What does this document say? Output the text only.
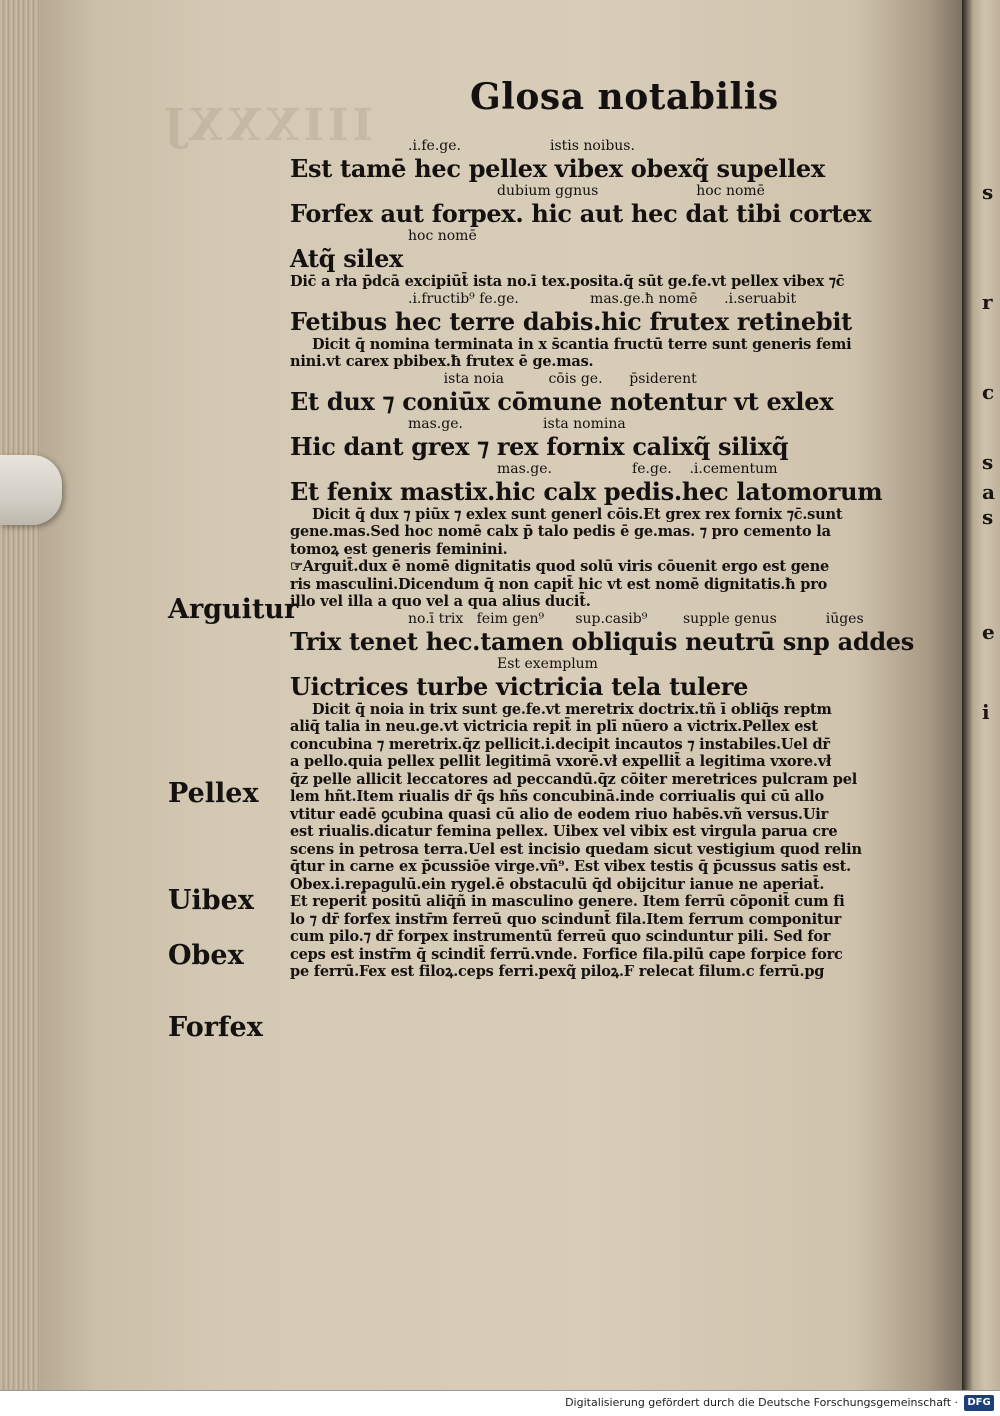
IIIXXXJ
s
r
c
s
a
s
e
i
Glosa notabilis
.i.fe.ge.                    istis noibus.
Est tamē hec pellex vibex obexq̃ supellex
dubium ggnus                      hoc nomē
Forfex aut forpex. hic aut hec dat tibi cortex
hoc nomē
Atq̃ silex
Dic̄ a rła p̄dcā excipiūt̄ ista no.ī tex.posita.q̄ sūt ge.fe.vt pellex vibex ⁊c̄
.i.fructib⁹ fe.ge.                mas.ge.ħ nomē      .i.seruabit
Fetibus hec terre dabis.hic frutex retinebit
Dicit q̄ nomina terminata in x s̄cantia fructū terre sunt generis femi
nini.vt carex pbibex.ħ frutex ē ge.mas.
ista noia          cōis ge.      p̄siderent
Et dux ⁊ coniūx cōmune notentur vt exlex
mas.ge.                  ista nomina
Hic dant grex ⁊ rex fornix calixq̃ silixq̃
mas.ge.                  fe.ge.    .i.cementum
Et fenix mastix.hic calx pedis.hec latomorum
Dicit q̄ dux ⁊ piūx ⁊ exlex sunt generl cōis.Et grex rex fornix ⁊c̄.sunt
gene.mas.Sed hoc nomē calx p̄ talo pedis ē ge.mas. ⁊ pro cemento la
tomoꝝ est generis feminini.
☞Arguit̄.dux ē nomē dignitatis quod solū viris cōuenit ergo est gene
ris masculini.Dicendum q̄ non capit̄ hic vt est nomē dignitatis.ħ pro
illo vel illa a quo vel a qua alius ducit̄.
no.ī trix   feim gen⁹       sup.casib⁹        supple genus           iūges
Trix tenet hec.tamen obliquis neutrū snp addes
Est exemplum
Uictrices turbe victricia tela tulere
Dicit q̄ noia in trix sunt ge.fe.vt meretrix doctrix.tñ ī obliq̄s reptm
aliq̄ talia in neu.ge.vt victricia repit̄ in plī nūero a victrix.Pellex est
concubina ⁊ meretrix.q̄z pellicit.i.decipit incautos ⁊ instabiles.Uel dr̄
a pello.quia pellex pellit legitimā vxorē.vł expellit̄ a legitima vxore.vł
q̄z pelle allicit leccatores ad peccandū.q̄z cōiter meretrices pulcram pel
lem hñt.Item riualis dr̄ q̄s hñs concubinā.inde corriualis qui cū allo
vtitur eadē ꝯcubina quasi cū alio de eodem riuo habēs.vñ versus.Uir
est riualis.dicatur femina pellex. Uibex vel vibix est virgula parua cre
scens in petrosa terra.Uel est incisio quedam sicut vestigium quod relin
q̄tur in carne ex p̄cussiōe virge.vñ⁹. Est vibex testis q̄ p̄cussus satis est.
Obex.i.repagulū.ein rygel.ē obstaculū q̄d obijcitur ianue ne aperiat̄.
Et reperit̄ positū aliq̄ñ in masculino genere. Item ferrū cōponit̄ cum fi
lo ⁊ dr̄ forfex instr̄m ferreū quo scindunt̄ fila.Item ferrum componitur
cum pilo.⁊ dr̄ forpex instrumentū ferreū quo scinduntur pili. Sed for
ceps est instr̄m q̄ scindit̄ ferrū.vnde. Forfice fila.pilū cape forpice forc
pe ferrū.Fex est filoꝝ.ceps ferri.pexq̃ piloꝝ.F relecat filum.c ferrū.pg
Arguitur
Pellex
Uibex
Obex
Forfex
Digitalisierung gefördert durch die Deutsche Forschungsgemeinschaft · DFG
